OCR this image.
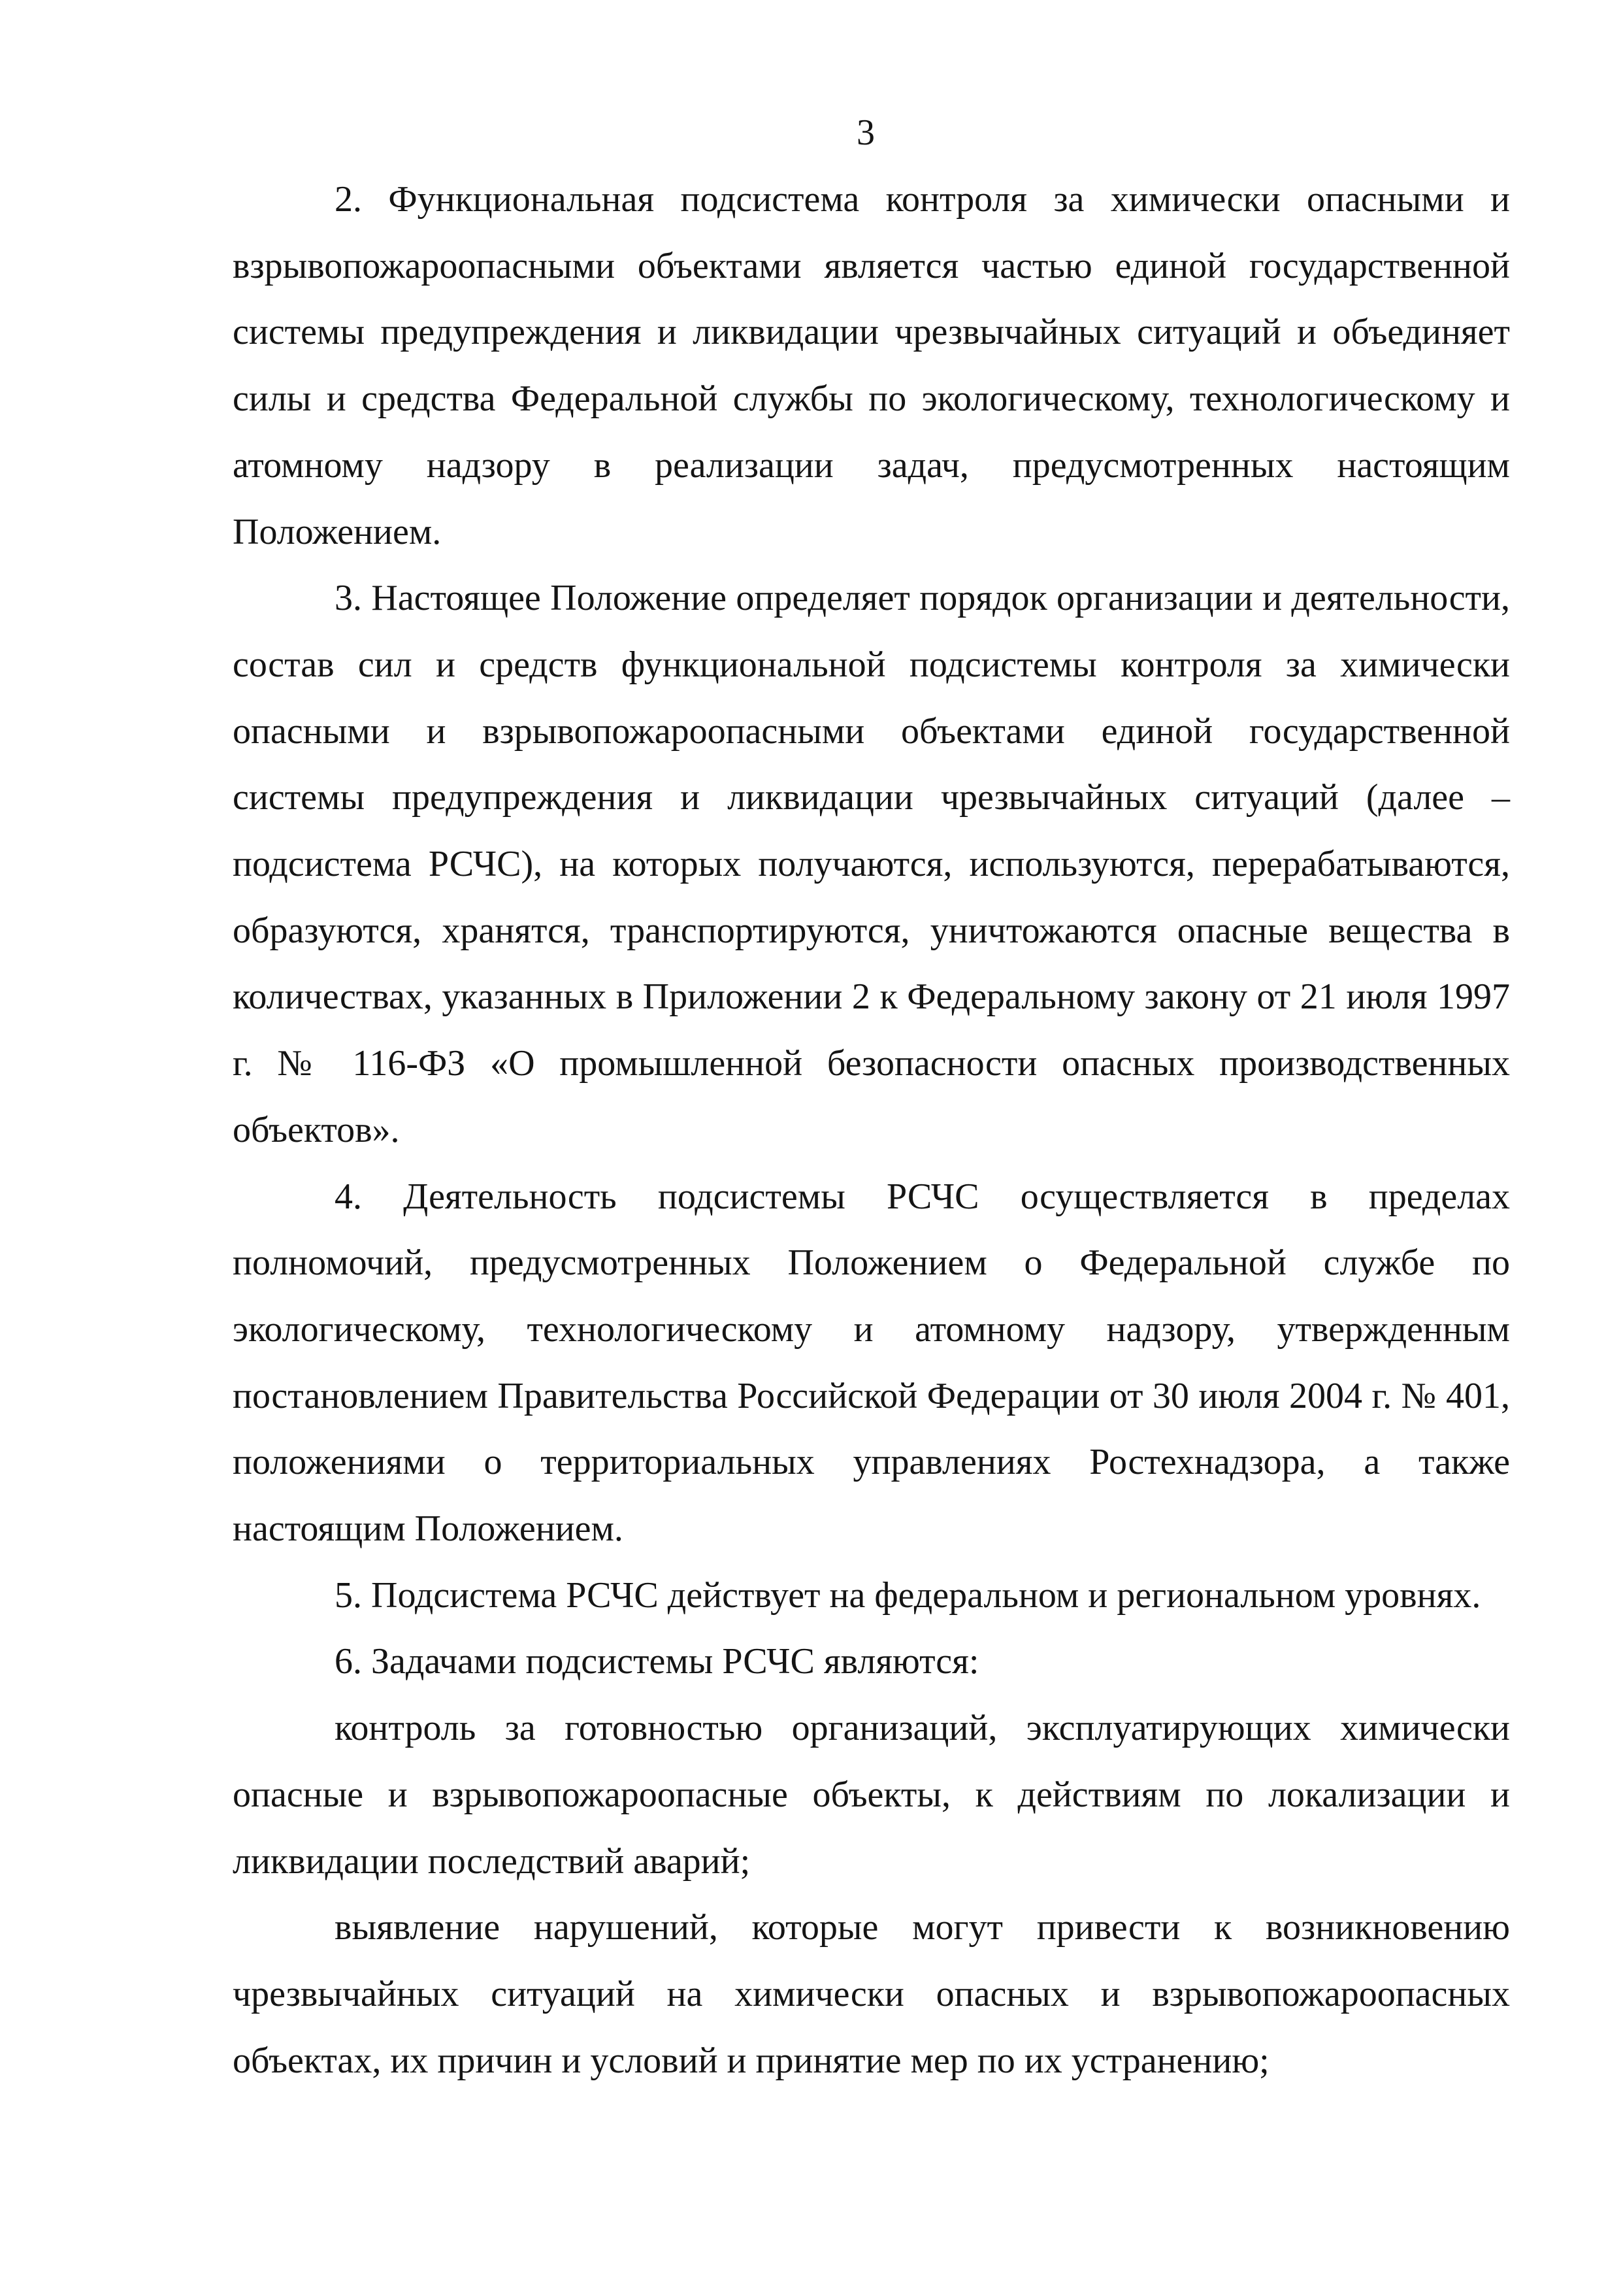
3

2. Функциональная подсистема контроля за химически опасными и взрывопожароопасными объектами является частью единой государственной системы предупреждения и ликвидации чрезвычайных ситуаций и объединяет силы и средства Федеральной службы по экологическому, технологическому и атомному надзору в реализации задач, предусмотренных настоящим Положением.

3. Настоящее Положение определяет порядок организации и деятельности, состав сил и средств функциональной подсистемы контроля за химически опасными и взрывопожароопасными объектами единой государственной системы предупреждения и ликвидации чрезвычайных ситуаций (далее – подсистема РСЧС), на которых получаются, используются, перерабатываются, образуются, хранятся, транспортируются, уничтожаются опасные вещества в количествах, указанных в Приложении 2 к Федеральному закону от 21 июля 1997 г. № 116-ФЗ «О промышленной безопасности опасных производственных объектов».

4. Деятельность подсистемы РСЧС осуществляется в пределах полномочий, предусмотренных Положением о Федеральной службе по экологическому, технологическому и атомному надзору, утвержденным постановлением Правительства Российской Федерации от 30 июля 2004 г. № 401, положениями о территориальных управлениях Ростехнадзора, а также настоящим Положением.

5. Подсистема РСЧС действует на федеральном и региональном уровнях.

6. Задачами подсистемы РСЧС являются:

контроль за готовностью организаций, эксплуатирующих химически опасные и взрывопожароопасные объекты, к действиям по локализации и ликвидации последствий аварий;

выявление нарушений, которые могут привести к возникновению чрезвычайных ситуаций на химически опасных и взрывопожароопасных объектах, их причин и условий и принятие мер по их устранению;
